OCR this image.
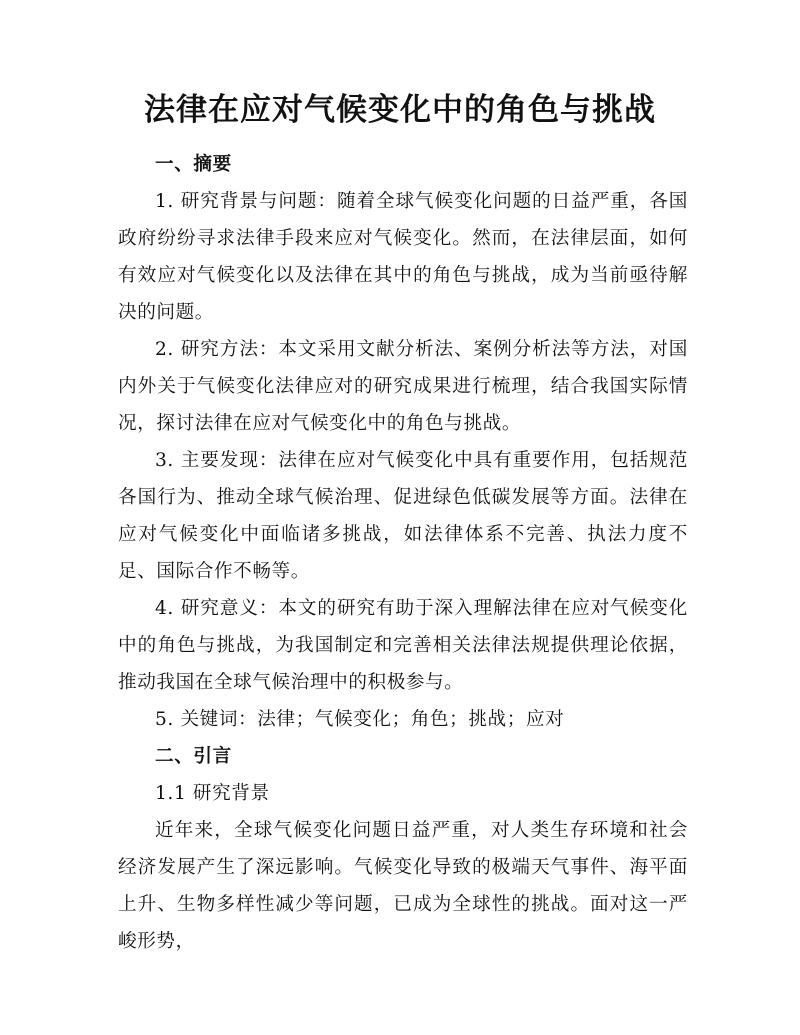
法律在应对气候变化中的角色与挑战
一、摘要
1. 研究背景与问题：随着全球气候变化问题的日益严重，各国政府纷纷寻求法律手段来应对气候变化。然而，在法律层面，如何有效应对气候变化以及法律在其中的角色与挑战，成为当前亟待解决的问题。
2. 研究方法：本文采用文献分析法、案例分析法等方法，对国内外关于气候变化法律应对的研究成果进行梳理，结合我国实际情况，探讨法律在应对气候变化中的角色与挑战。
3. 主要发现：法律在应对气候变化中具有重要作用，包括规范各国行为、推动全球气候治理、促进绿色低碳发展等方面。法律在应对气候变化中面临诸多挑战，如法律体系不完善、执法力度不足、国际合作不畅等。
4. 研究意义：本文的研究有助于深入理解法律在应对气候变化中的角色与挑战，为我国制定和完善相关法律法规提供理论依据，推动我国在全球气候治理中的积极参与。
5. 关键词：法律；气候变化；角色；挑战；应对
二、引言
1.1 研究背景
近年来，全球气候变化问题日益严重，对人类生存环境和社会经济发展产生了深远影响。气候变化导致的极端天气事件、海平面上升、生物多样性减少等问题，已成为全球性的挑战。面对这一严峻形势，
